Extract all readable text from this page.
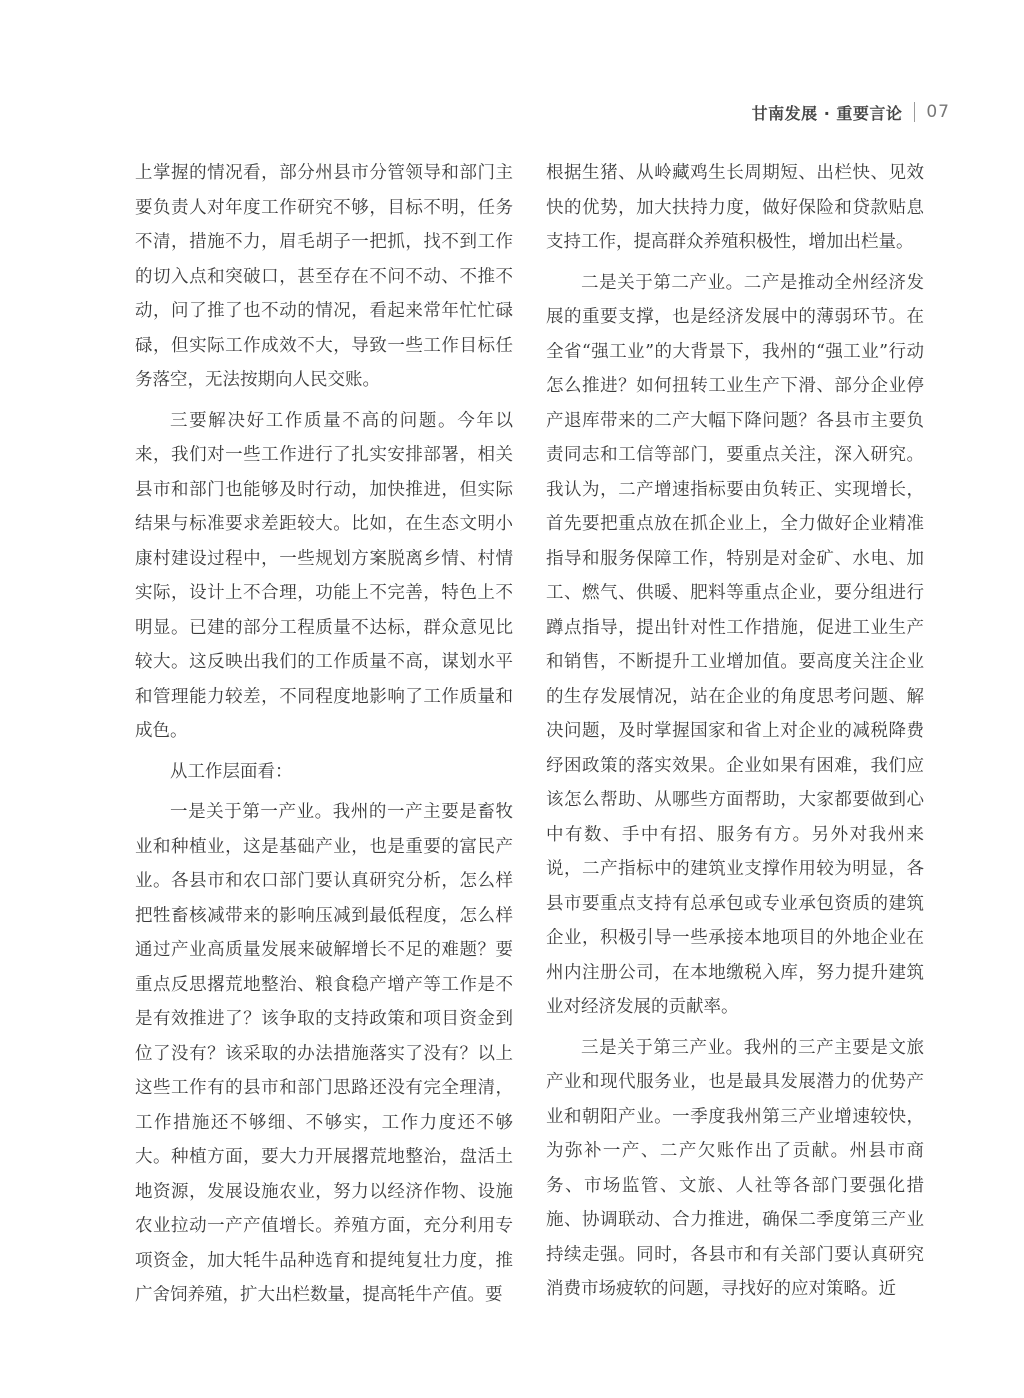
甘南发展 · 重要言论 07

上掌握的情况看，部分州县市分管领导和部门主要负责人对年度工作研究不够，目标不明，任务不清，措施不力，眉毛胡子一把抓，找不到工作的切入点和突破口，甚至存在不问不动、不推不动，问了推了也不动的情况，看起来常年忙忙碌碌，但实际工作成效不大，导致一些工作目标任务落空，无法按期向人民交账。

三要解决好工作质量不高的问题。今年以来，我们对一些工作进行了扎实安排部署，相关县市和部门也能够及时行动，加快推进，但实际结果与标准要求差距较大。比如，在生态文明小康村建设过程中，一些规划方案脱离乡情、村情实际，设计上不合理，功能上不完善，特色上不明显。已建的部分工程质量不达标，群众意见比较大。这反映出我们的工作质量不高，谋划水平和管理能力较差，不同程度地影响了工作质量和成色。

从工作层面看：

一是关于第一产业。我州的一产主要是畜牧业和种植业，这是基础产业，也是重要的富民产业。各县市和农口部门要认真研究分析，怎么样把牲畜核减带来的影响压减到最低程度，怎么样通过产业高质量发展来破解增长不足的难题？要重点反思撂荒地整治、粮食稳产增产等工作是不是有效推进了？该争取的支持政策和项目资金到位了没有？该采取的办法措施落实了没有？以上这些工作有的县市和部门思路还没有完全理清，工作措施还不够细、不够实，工作力度还不够大。种植方面，要大力开展撂荒地整治，盘活土地资源，发展设施农业，努力以经济作物、设施农业拉动一产产值增长。养殖方面，充分利用专项资金，加大牦牛品种选育和提纯复壮力度，推广舍饲养殖，扩大出栏数量，提高牦牛产值。要

根据生猪、从岭藏鸡生长周期短、出栏快、见效快的优势，加大扶持力度，做好保险和贷款贴息支持工作，提高群众养殖积极性，增加出栏量。

二是关于第二产业。二产是推动全州经济发展的重要支撑，也是经济发展中的薄弱环节。在全省“强工业”的大背景下，我州的“强工业”行动怎么推进？如何扭转工业生产下滑、部分企业停产退库带来的二产大幅下降问题？各县市主要负责同志和工信等部门，要重点关注，深入研究。我认为，二产增速指标要由负转正、实现增长，首先要把重点放在抓企业上，全力做好企业精准指导和服务保障工作，特别是对金矿、水电、加工、燃气、供暖、肥料等重点企业，要分组进行蹲点指导，提出针对性工作措施，促进工业生产和销售，不断提升工业增加值。要高度关注企业的生存发展情况，站在企业的角度思考问题、解决问题，及时掌握国家和省上对企业的减税降费纾困政策的落实效果。企业如果有困难，我们应该怎么帮助、从哪些方面帮助，大家都要做到心中有数、手中有招、服务有方。另外对我州来说，二产指标中的建筑业支撑作用较为明显，各县市要重点支持有总承包或专业承包资质的建筑企业，积极引导一些承接本地项目的外地企业在州内注册公司，在本地缴税入库，努力提升建筑业对经济发展的贡献率。

三是关于第三产业。我州的三产主要是文旅产业和现代服务业，也是最具发展潜力的优势产业和朝阳产业。一季度我州第三产业增速较快，为弥补一产、二产欠账作出了贡献。州县市商务、市场监管、文旅、人社等各部门要强化措施、协调联动、合力推进，确保二季度第三产业持续走强。同时，各县市和有关部门要认真研究消费市场疲软的问题，寻找好的应对策略。近
